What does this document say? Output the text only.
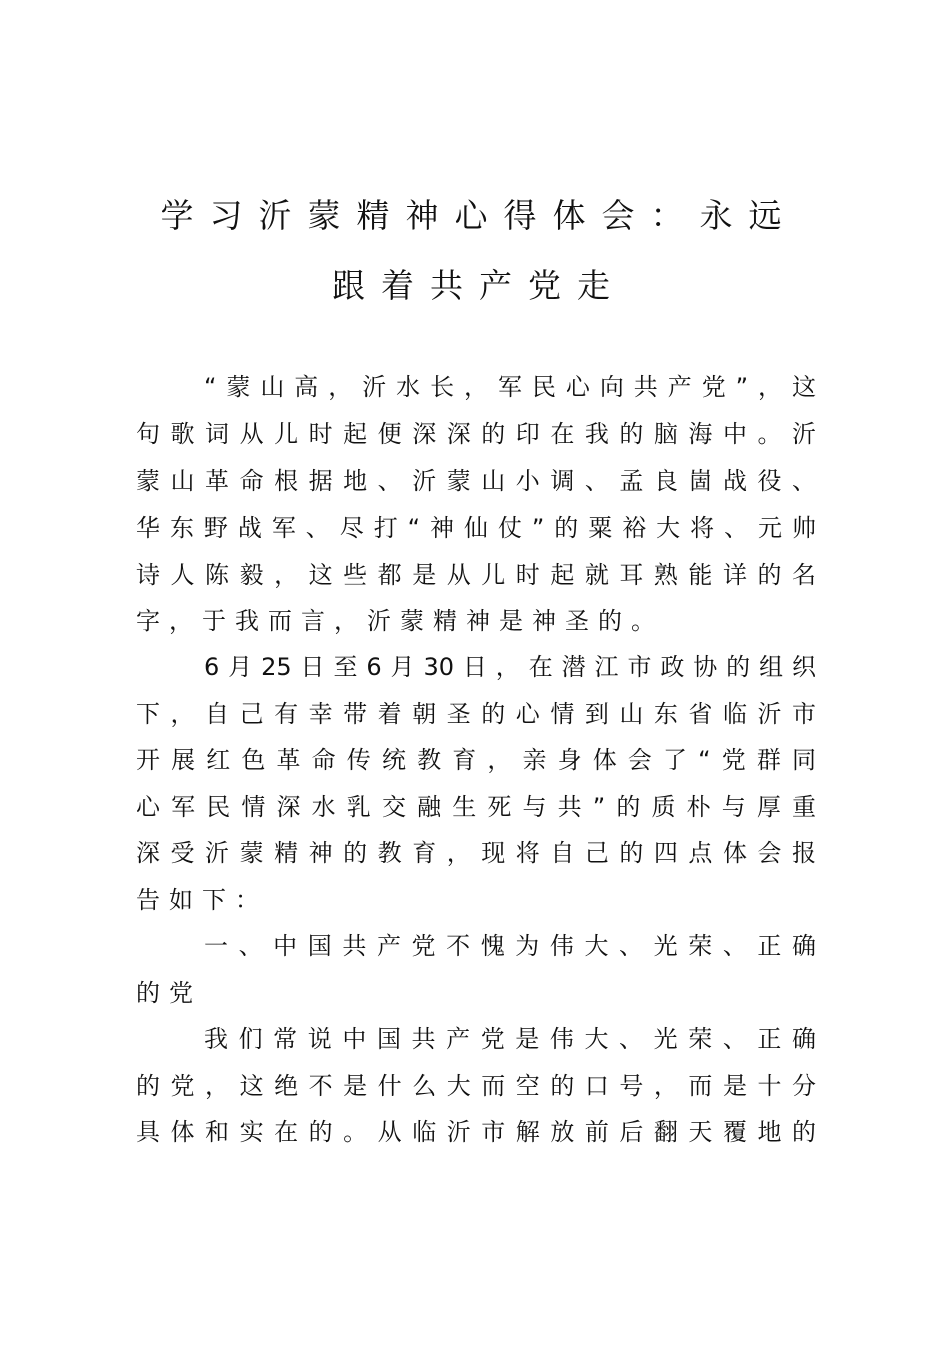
学习沂蒙精神心得体会：永远
跟着共产党走

“蒙山高，沂水长，军民心向共产党”，这

句歌词从儿时起便深深的印在我的脑海中。沂

蒙山革命根据地、沂蒙山小调、孟良崮战役、

华东野战军、尽打“神仙仗”的粟裕大将、元帅

诗人陈毅，这些都是从儿时起就耳熟能详的名

字，于我而言，沂蒙精神是神圣的。

6月25日至6月30日，在潜江市政协的组织

下，自己有幸带着朝圣的心情到山东省临沂市

开展红色革命传统教育，亲身体会了“党群同

心军民情深水乳交融生死与共”的质朴与厚重

深受沂蒙精神的教育，现将自己的四点体会报

告如下：

一、中国共产党不愧为伟大、光荣、正确

的党

我们常说中国共产党是伟大、光荣、正确

的党，这绝不是什么大而空的口号，而是十分

具体和实在的。从临沂市解放前后翻天覆地的
